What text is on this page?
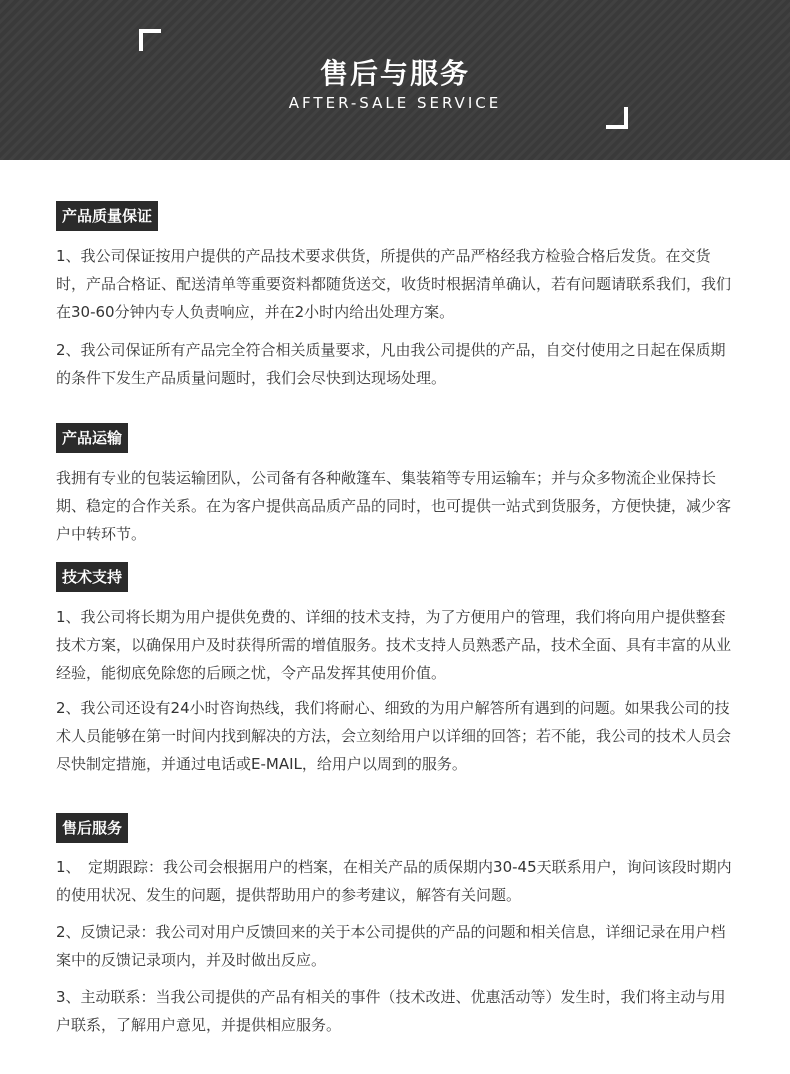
售后与服务
AFTER-SALE SERVICE
产品质量保证

1、我公司保证按用户提供的产品技术要求供货，所提供的产品严格经我方检验合格后发货。在交货时，产品合格证、配送清单等重要资料都随货送交，收货时根据清单确认，若有问题请联系我们，我们在30-60分钟内专人负责响应，并在2小时内给出处理方案。

2、我公司保证所有产品完全符合相关质量要求，凡由我公司提供的产品，自交付使用之日起在保质期的条件下发生产品质量问题时，我们会尽快到达现场处理。

产品运输

我拥有专业的包装运输团队，公司备有各种敞篷车、集装箱等专用运输车；并与众多物流企业保持长期、稳定的合作关系。在为客户提供高品质产品的同时，也可提供一站式到货服务，方便快捷，减少客户中转环节。

技术支持

1、我公司将长期为用户提供免费的、详细的技术支持，为了方便用户的管理，我们将向用户提供整套技术方案，以确保用户及时获得所需的增值服务。技术支持人员熟悉产品，技术全面、具有丰富的从业经验，能彻底免除您的后顾之忧，令产品发挥其使用价值。

2、我公司还设有24小时咨询热线，我们将耐心、细致的为用户解答所有遇到的问题。如果我公司的技术人员能够在第一时间内找到解决的方法，会立刻给用户以详细的回答；若不能，我公司的技术人员会尽快制定措施，并通过电话或E-MAIL，给用户以周到的服务。

售后服务

1、　定期跟踪：我公司会根据用户的档案，在相关产品的质保期内30-45天联系用户，询问该段时期内的使用状况、发生的问题，提供帮助用户的参考建议，解答有关问题。

2、反馈记录：我公司对用户反馈回来的关于本公司提供的产品的问题和相关信息，详细记录在用户档案中的反馈记录项内，并及时做出反应。

3、主动联系：当我公司提供的产品有相关的事件（技术改进、优惠活动等）发生时，我们将主动与用户联系，了解用户意见，并提供相应服务。
